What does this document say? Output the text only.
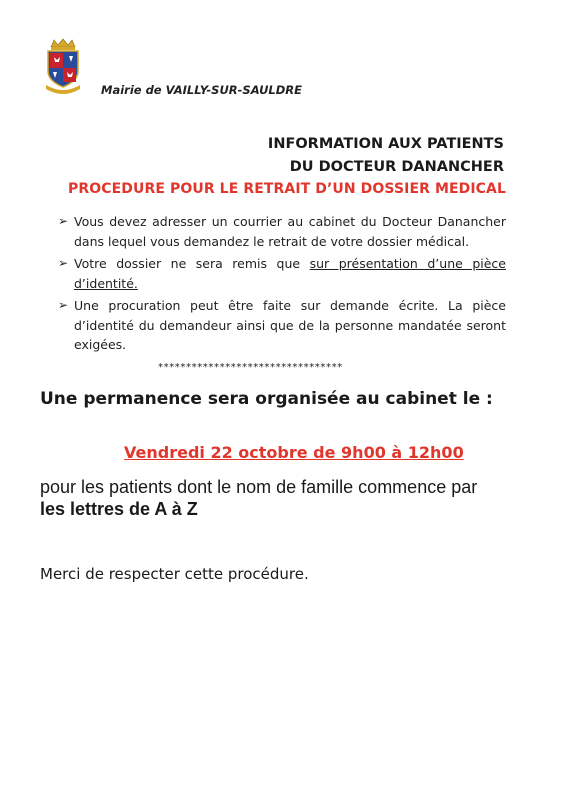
Mairie de VAILLY-SUR-SAULDRE
INFORMATION AUX PATIENTS
DU DOCTEUR DANANCHER
PROCEDURE POUR LE RETRAIT D’UN DOSSIER MEDICAL
➢ Vous devez adresser un courrier au cabinet du Docteur Danancher dans lequel vous demandez le retrait de votre dossier médical.
➢ Votre dossier ne sera remis que sur présentation d’une pièce d’identité.
➢ Une procuration peut être faite sur demande écrite. La pièce d’identité du demandeur ainsi que de la personne mandatée seront exigées.
*********************************
Une permanence sera organisée au cabinet le :
Vendredi 22 octobre de 9h00 à 12h00
pour les patients dont le nom de famille commence par les lettres de A à Z
Merci de respecter cette procédure.
